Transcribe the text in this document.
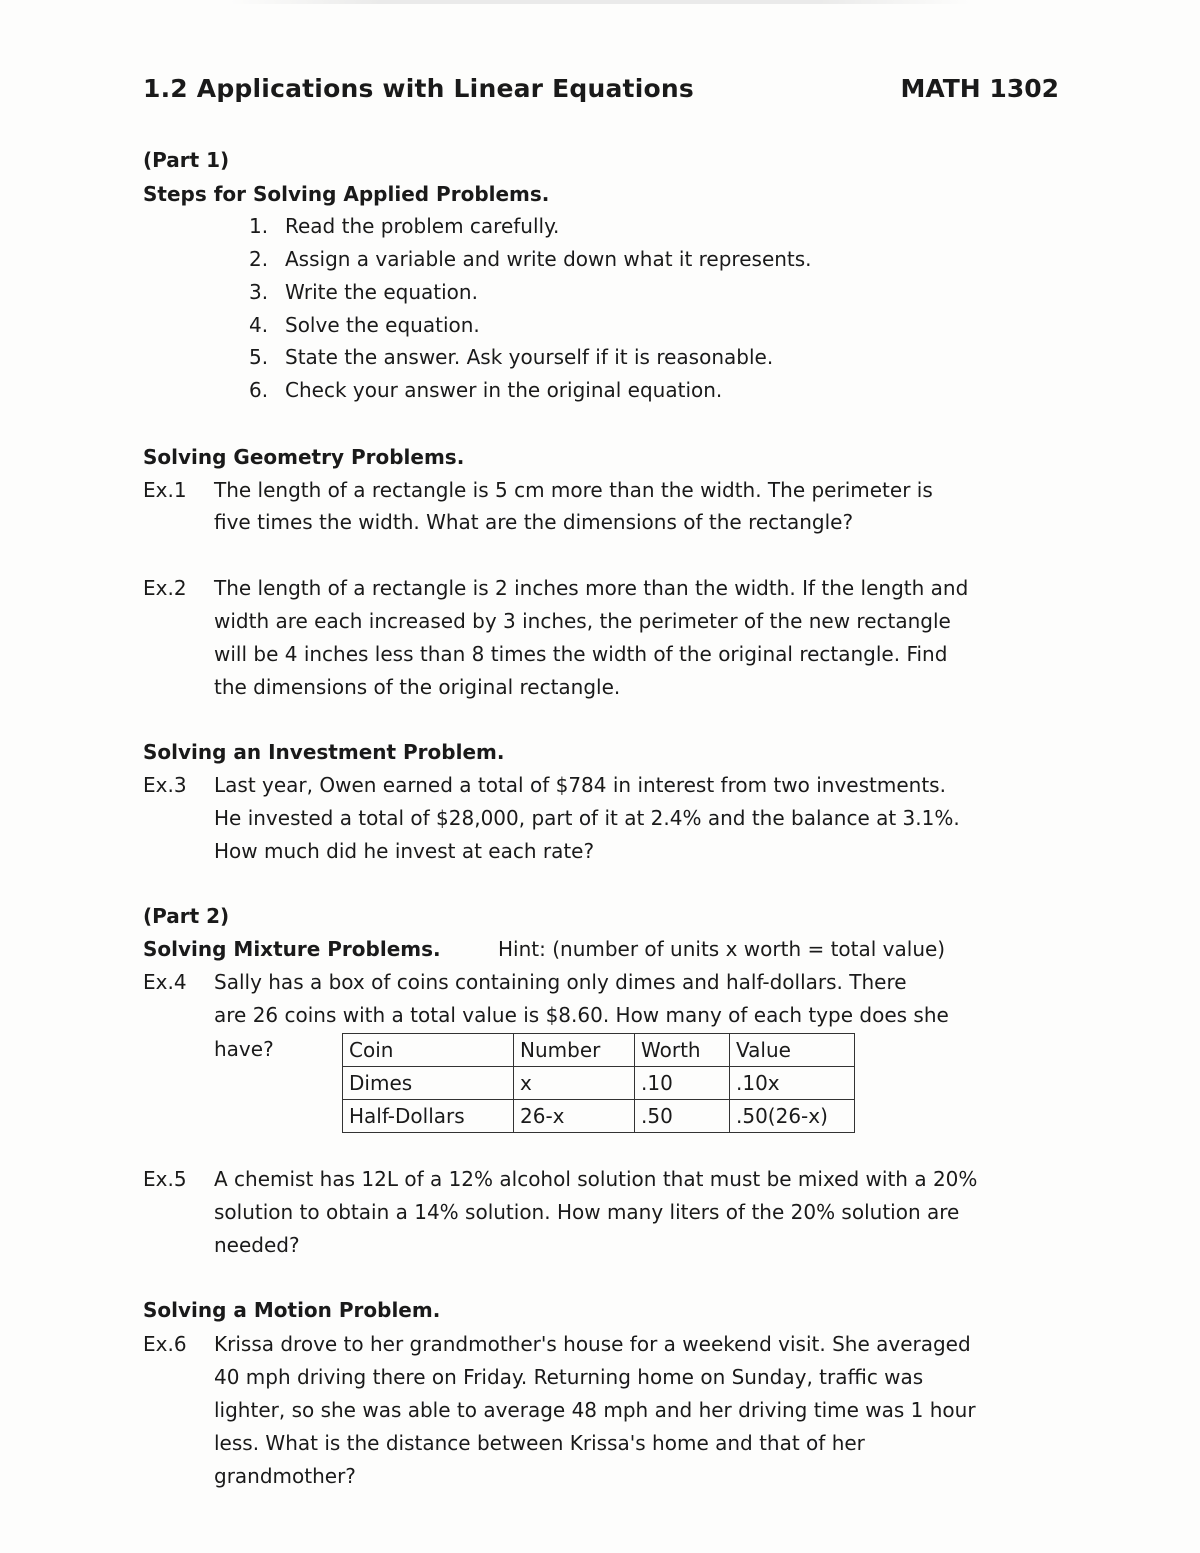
1.2 Applications with Linear Equations	MATH 1302
(Part 1)
Steps for Solving Applied Problems.
1. Read the problem carefully.
2. Assign a variable and write down what it represents.
3. Write the equation.
4. Solve the equation.
5. State the answer. Ask yourself if it is reasonable.
6. Check your answer in the original equation.
Solving Geometry Problems.
Ex.1 The length of a rectangle is 5 cm more than the width. The perimeter is
five times the width. What are the dimensions of the rectangle?
Ex.2 The length of a rectangle is 2 inches more than the width. If the length and
width are each increased by 3 inches, the perimeter of the new rectangle
will be 4 inches less than 8 times the width of the original rectangle. Find
the dimensions of the original rectangle.
Solving an Investment Problem.
Ex.3 Last year, Owen earned a total of $784 in interest from two investments.
He invested a total of $28,000, part of it at 2.4% and the balance at 3.1%.
How much did he invest at each rate?
(Part 2)
Solving Mixture Problems.	Hint: (number of units x worth = total value)
Ex.4 Sally has a box of coins containing only dimes and half-dollars. There
are 26 coins with a total value is $8.60. How many of each type does she
have?	Coin	Number	Worth	Value
Dimes	x	.10	.10x
Half-Dollars	26-x	.50	.50(26-x)
Ex.5 A chemist has 12L of a 12% alcohol solution that must be mixed with a 20%
solution to obtain a 14% solution. How many liters of the 20% solution are
needed?
Solving a Motion Problem.
Ex.6 Krissa drove to her grandmother's house for a weekend visit. She averaged
40 mph driving there on Friday. Returning home on Sunday, traffic was
lighter, so she was able to average 48 mph and her driving time was 1 hour
less. What is the distance between Krissa's home and that of her
grandmother?
